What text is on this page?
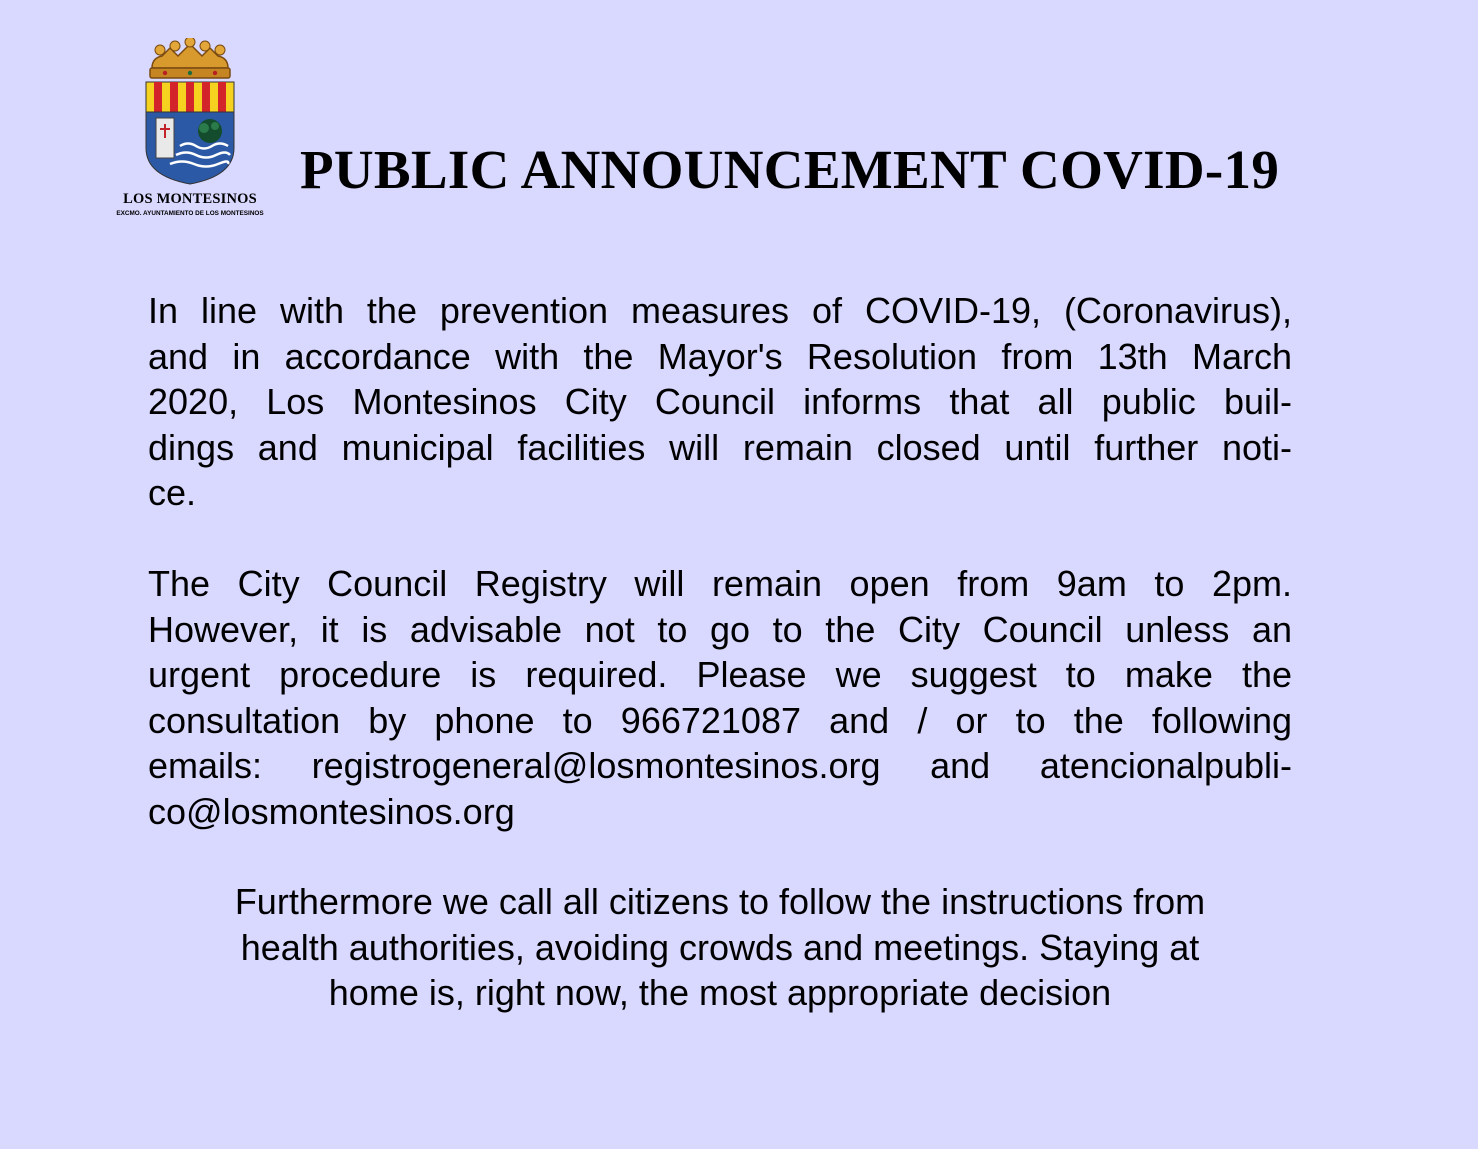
LOS MONTESINOS
EXCMO. AYUNTAMIENTO DE LOS MONTESINOS
PUBLIC ANNOUNCEMENT COVID-19
In line with the prevention measures of COVID-19, (Coronavirus),
and in accordance with the Mayor's Resolution from 13th March
2020, Los Montesinos City Council informs that all public buil-
dings and municipal facilities will remain closed until further noti-
ce.
The City Council Registry will remain open from 9am to 2pm.
However, it is advisable not to go to the City Council unless an
urgent procedure is required. Please we suggest to make the
consultation by phone to 966721087 and / or to the following
emails: registrogeneral@losmontesinos.org and atencionalpubli-
co@losmontesinos.org
Furthermore we call all citizens to follow the instructions from
health authorities, avoiding crowds and meetings. Staying at
home is, right now, the most appropriate decision
